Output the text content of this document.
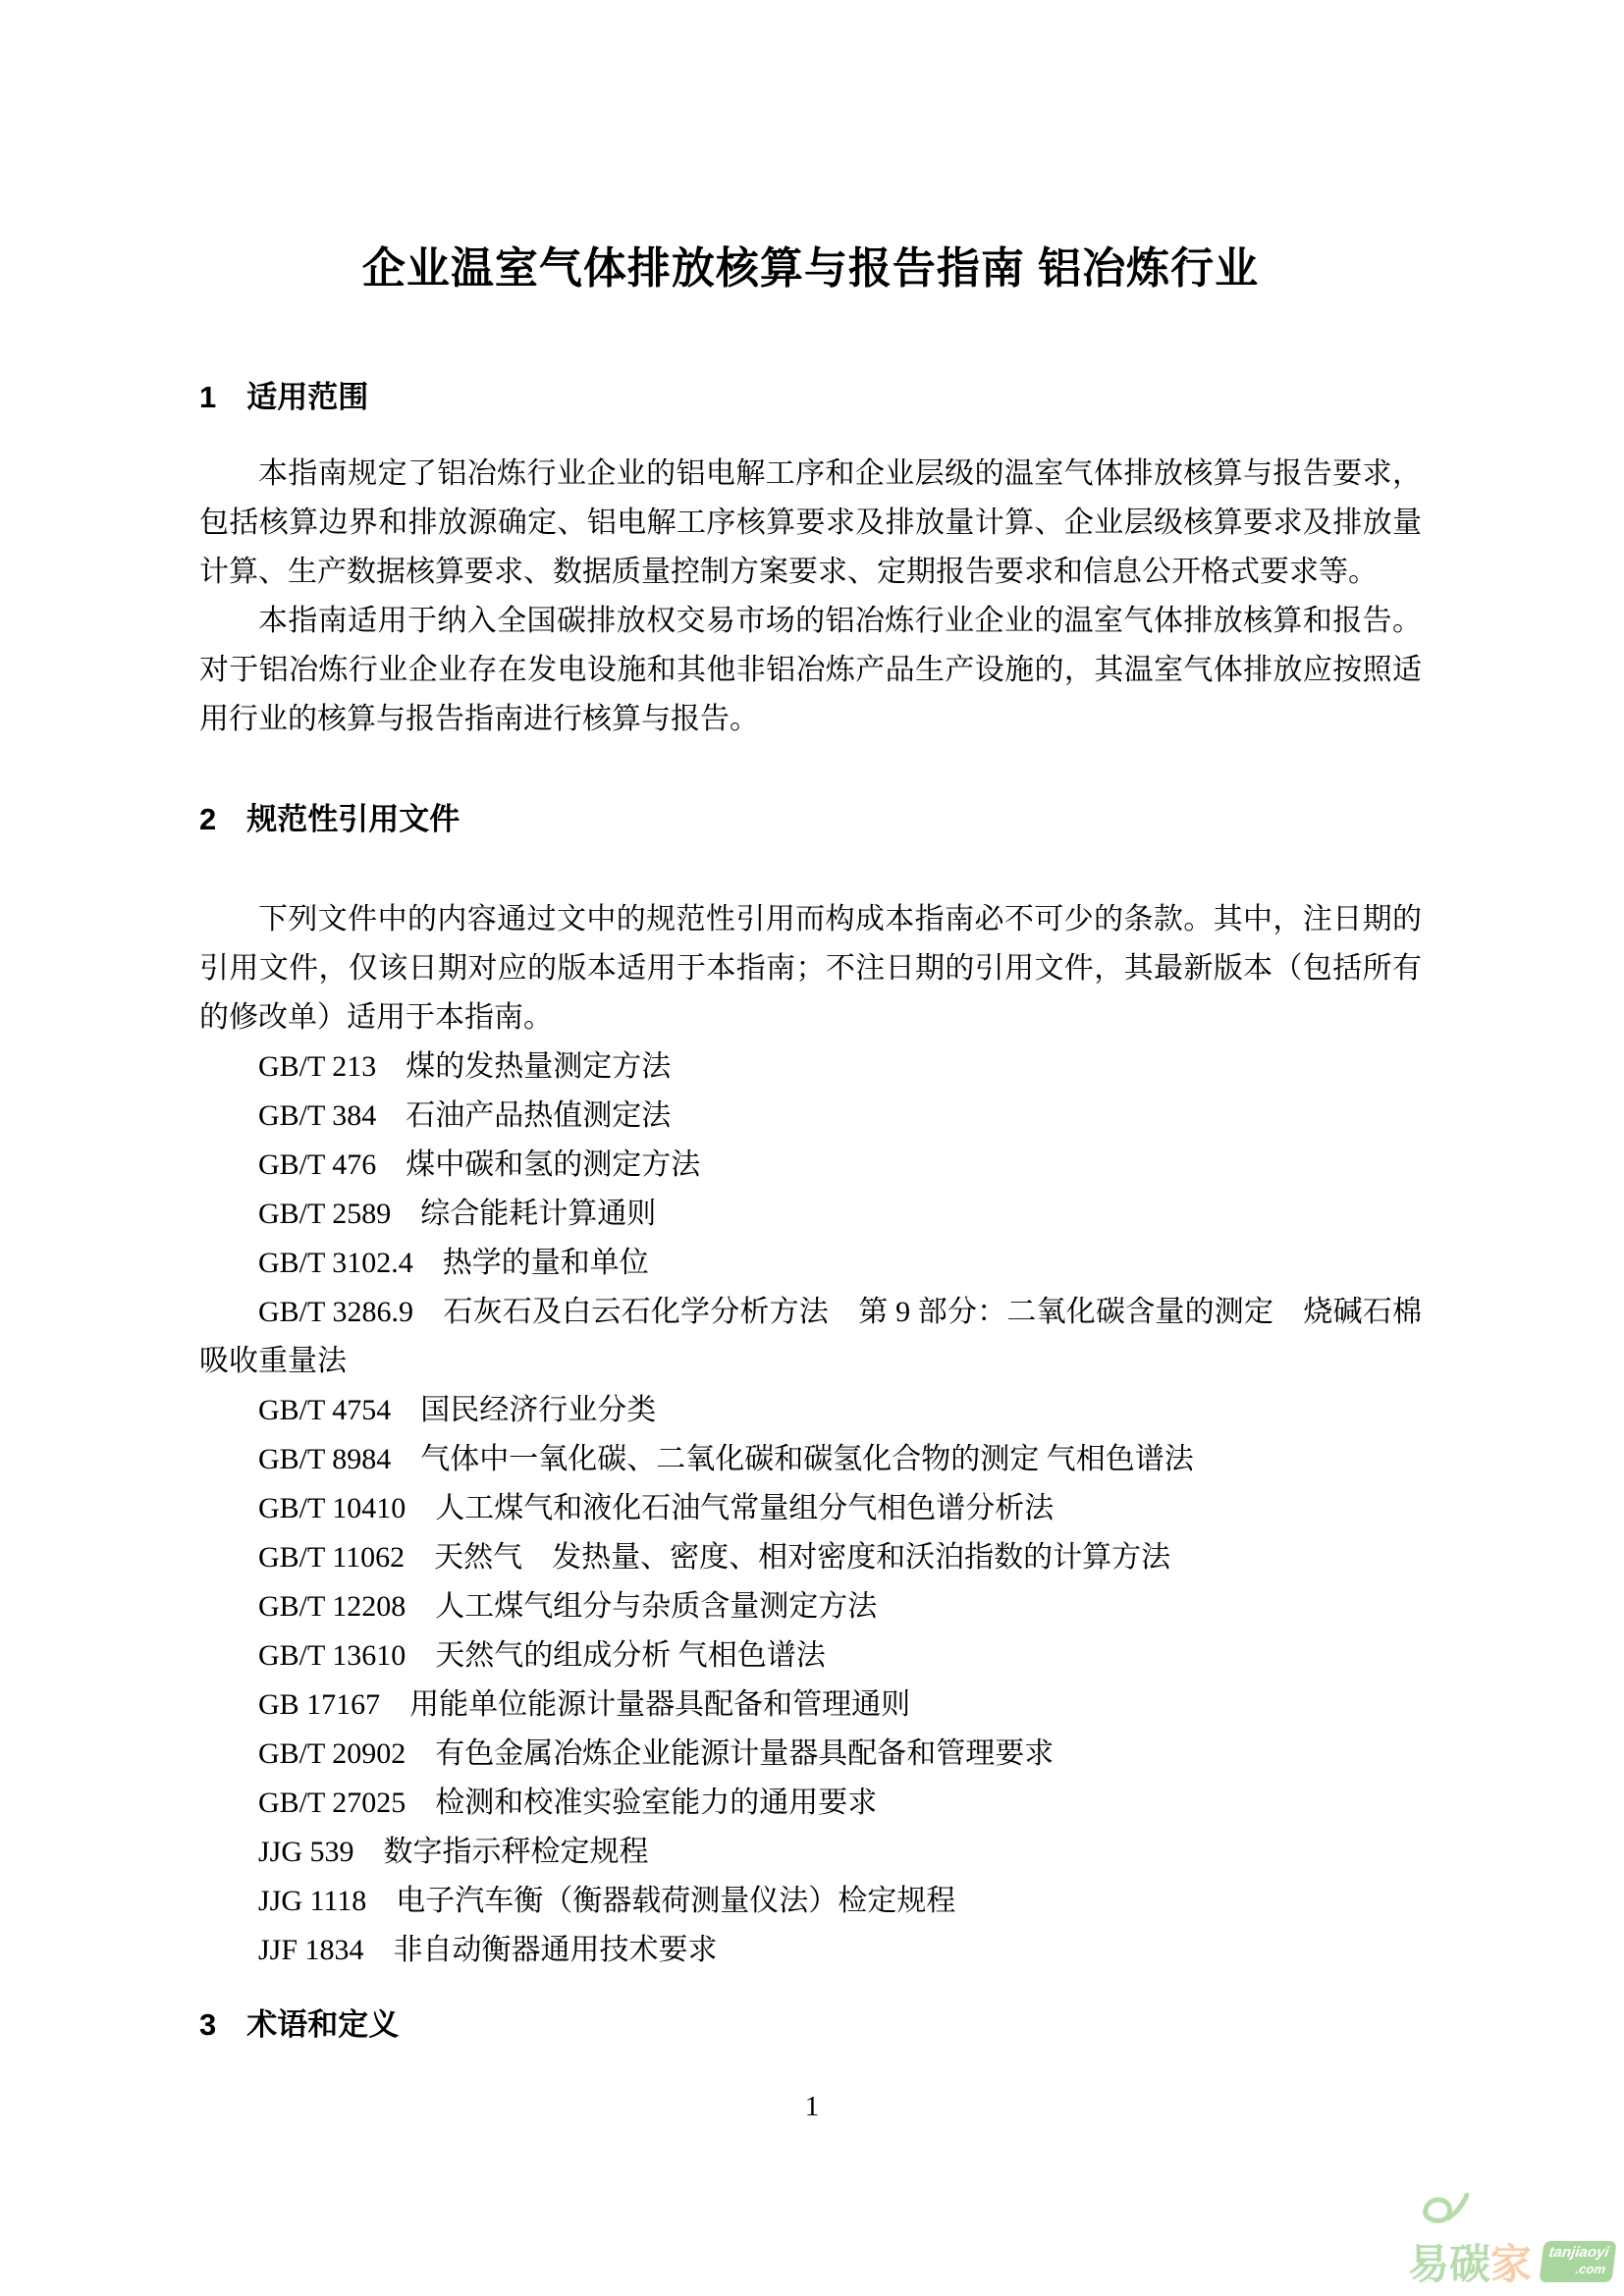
企业温室气体排放核算与报告指南 铝冶炼行业
1 适用范围

本指南规定了铝冶炼行业企业的铝电解工序和企业层级的温室气体排放核算与报告要求，包括核算边界和排放源确定、铝电解工序核算要求及排放量计算、企业层级核算要求及排放量计算、生产数据核算要求、数据质量控制方案要求、定期报告要求和信息公开格式要求等。

本指南适用于纳入全国碳排放权交易市场的铝冶炼行业企业的温室气体排放核算和报告。对于铝冶炼行业企业存在发电设施和其他非铝冶炼产品生产设施的，其温室气体排放应按照适用行业的核算与报告指南进行核算与报告。

2 规范性引用文件

下列文件中的内容通过文中的规范性引用而构成本指南必不可少的条款。其中，注日期的引用文件，仅该日期对应的版本适用于本指南；不注日期的引用文件，其最新版本（包括所有的修改单）适用于本指南。

GB/T 213　煤的发热量测定方法

GB/T 384　石油产品热值测定法

GB/T 476　煤中碳和氢的测定方法

GB/T 2589　综合能耗计算通则

GB/T 3102.4　热学的量和单位

GB/T 3286.9　石灰石及白云石化学分析方法　第 9 部分：二氧化碳含量的测定　烧碱石棉吸收重量法

GB/T 4754　国民经济行业分类

GB/T 8984　气体中一氧化碳、二氧化碳和碳氢化合物的测定 气相色谱法

GB/T 10410　人工煤气和液化石油气常量组分气相色谱分析法

GB/T 11062　天然气　发热量、密度、相对密度和沃泊指数的计算方法

GB/T 12208　人工煤气组分与杂质含量测定方法

GB/T 13610　天然气的组成分析 气相色谱法

GB 17167　用能单位能源计量器具配备和管理通则

GB/T 20902　有色金属冶炼企业能源计量器具配备和管理要求

GB/T 27025　检测和校准实验室能力的通用要求

JJG 539　数字指示秤检定规程

JJG 1118　电子汽车衡（衡器载荷测量仪法）检定规程

JJF 1834　非自动衡器通用技术要求

3 术语和定义
1
易碳家	tanjiaoyi
.com
